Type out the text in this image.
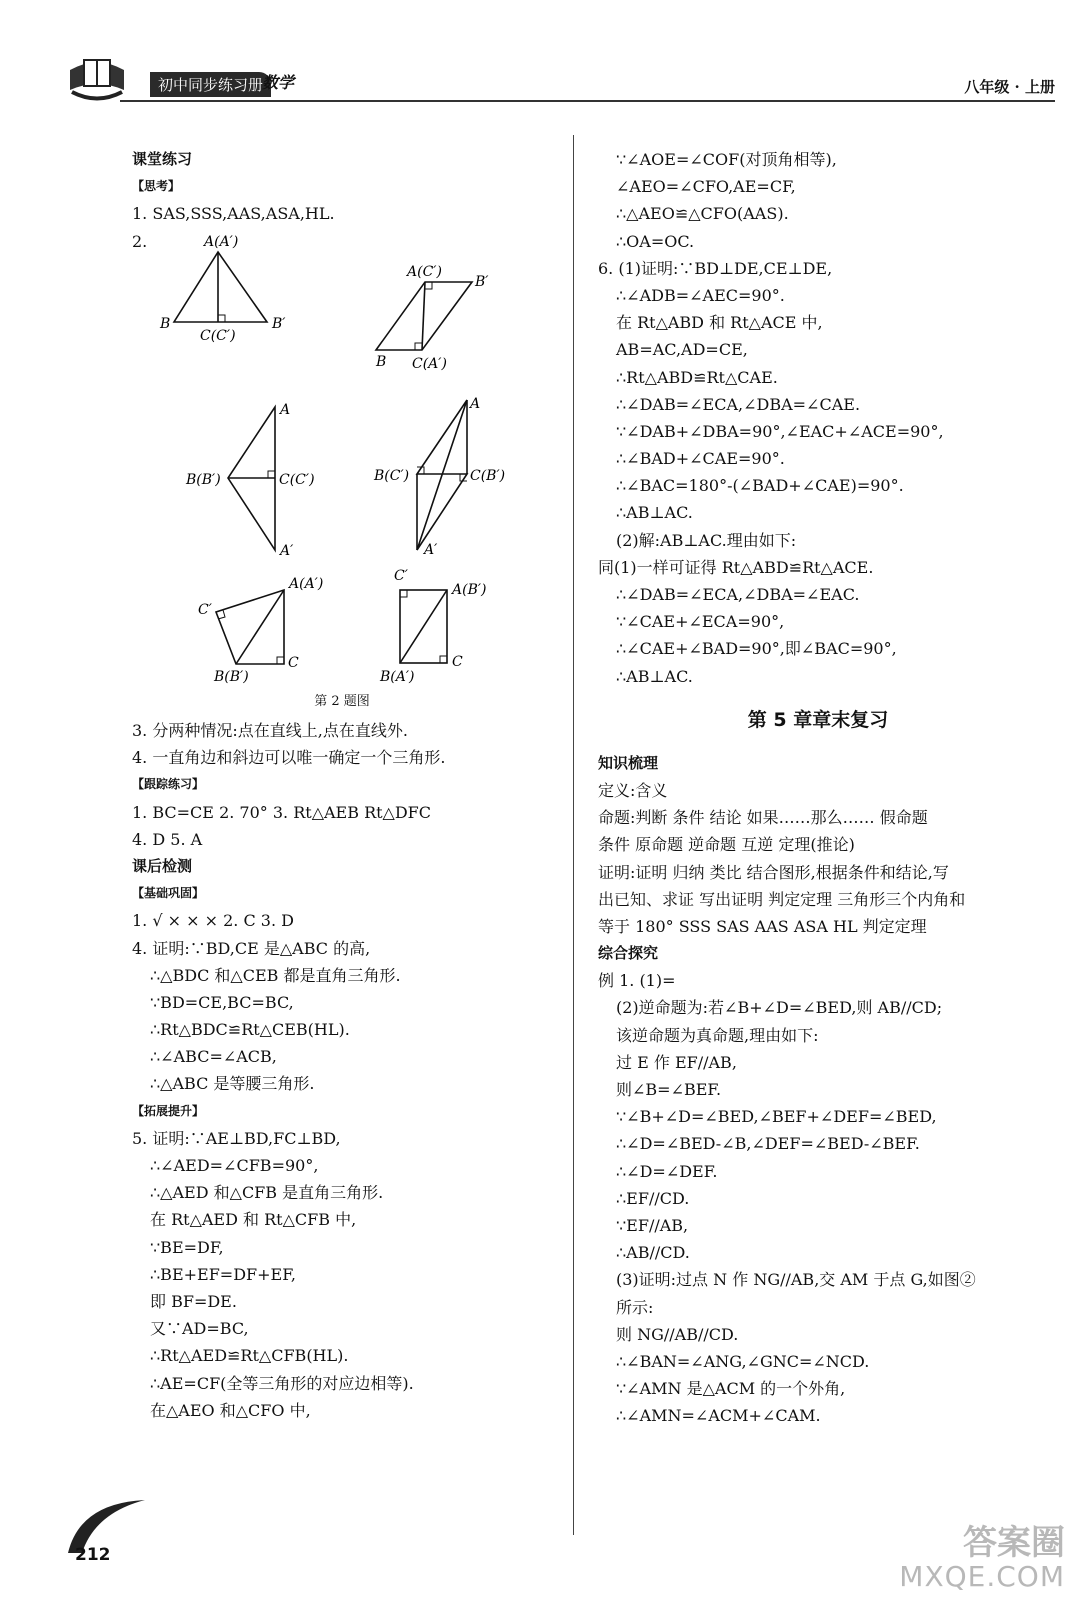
初中同步练习册
数学	八年级 · 上册
课堂练习
【思考】
1. SAS,SSS,AAS,ASA,HL.
2.	A(A′)
B
C(C′)
B′
A(C′)
B′
B C(A′)
A
B(B′)	C(C′)
A′
A
B(C′)	C(B′)
A′
A(A′)
C′
C
B(B′)
C′
A(B′)
C
B(A′)
第 2 题图
3. 分两种情况:点在直线上,点在直线外.
4. 一直角边和斜边可以唯一确定一个三角形.
【跟踪练习】
1. BC=CE 2. 70° 3. Rt△AEB Rt△DFC
4. D 5. A
课后检测
【基础巩固】
1. √ × × × 2. C 3. D
4. 证明:∵BD,CE 是△ABC 的高,
∴△BDC 和△CEB 都是直角三角形.
∵BD=CE,BC=BC,
∴Rt△BDC≌Rt△CEB(HL).
∴∠ABC=∠ACB,
∴△ABC 是等腰三角形.
【拓展提升】
5. 证明:∵AE⊥BD,FC⊥BD,
∴∠AED=∠CFB=90°,
∴△AED 和△CFB 是直角三角形.
在 Rt△AED 和 Rt△CFB 中,
∵BE=DF,
∴BE+EF=DF+EF,
即 BF=DE.
又∵AD=BC,
∴Rt△AED≌Rt△CFB(HL).
∴AE=CF(全等三角形的对应边相等).
在△AEO 和△CFO 中,
∵∠AOE=∠COF(对顶角相等),
∠AEO=∠CFO,AE=CF,
∴△AEO≌△CFO(AAS).
∴OA=OC.
6. (1)证明:∵BD⊥DE,CE⊥DE,
∴∠ADB=∠AEC=90°.
在 Rt△ABD 和 Rt△ACE 中,
AB=AC,AD=CE,
∴Rt△ABD≌Rt△CAE.
∴∠DAB=∠ECA,∠DBA=∠CAE.
∵∠DAB+∠DBA=90°,∠EAC+∠ACE=90°,
∴∠BAD+∠CAE=90°.
∴∠BAC=180°-(∠BAD+∠CAE)=90°.
∴AB⊥AC.
(2)解:AB⊥AC.理由如下:
同(1)一样可证得 Rt△ABD≌Rt△ACE.
∴∠DAB=∠ECA,∠DBA=∠EAC.
∵∠CAE+∠ECA=90°,
∴∠CAE+∠BAD=90°,即∠BAC=90°,
∴AB⊥AC.
第 5 章章末复习
知识梳理
定义:含义
命题:判断 条件 结论 如果……那么…… 假命题
条件 原命题 逆命题 互逆 定理(推论)
证明:证明 归纳 类比 结合图形,根据条件和结论,写
出已知、求证 写出证明 判定定理 三角形三个内角和
等于 180° SSS SAS AAS ASA HL 判定定理
综合探究
例 1. (1)=
(2)逆命题为:若∠B+∠D=∠BED,则 AB//CD;
该逆命题为真命题,理由如下:
过 E 作 EF//AB,
则∠B=∠BEF.
∵∠B+∠D=∠BED,∠BEF+∠DEF=∠BED,
∴∠D=∠BED-∠B,∠DEF=∠BED-∠BEF.
∴∠D=∠DEF.
∴EF//CD.
∵EF//AB,
∴AB//CD.
(3)证明:过点 N 作 NG//AB,交 AM 于点 G,如图②
所示:
则 NG//AB//CD.
∴∠BAN=∠ANG,∠GNC=∠NCD.
∵∠AMN 是△ACM 的一个外角,
∴∠AMN=∠ACM+∠CAM.
212	答案圈
MXQE.COM
